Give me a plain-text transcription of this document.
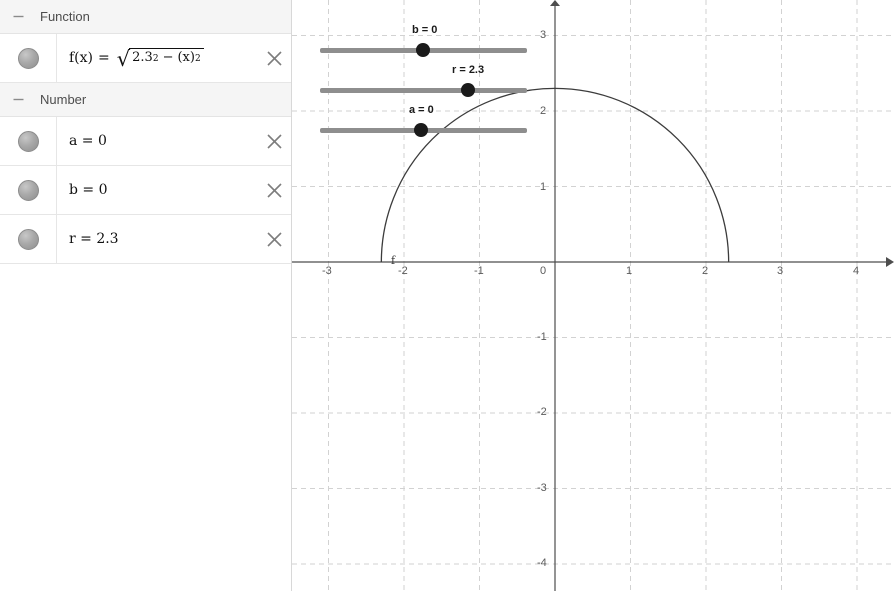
Function
f(x) = √ 2.3 2 − (x) 2
Number
a = 0
b = 0
r = 2.3
-3	-2	-1	0	1	2	3	4
3
2
1
-1
-2
-3
-4
f
b = 0
r = 2.3
a = 0
